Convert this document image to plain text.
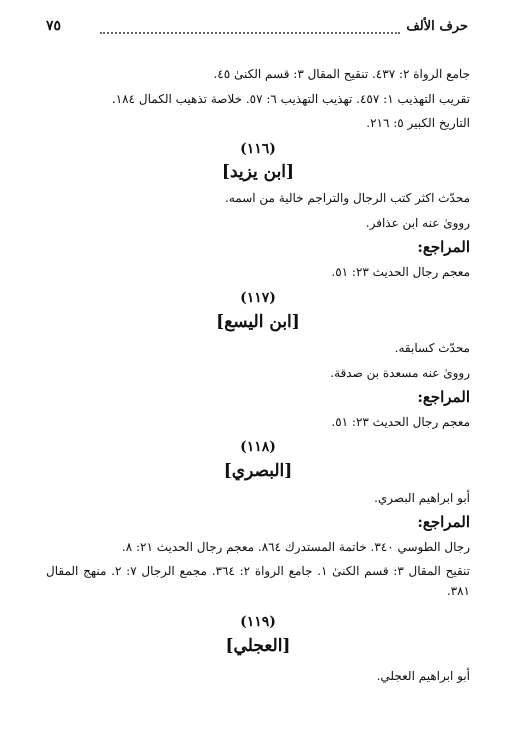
حرف الألف
٧٥
جامع الرواة ٢: ٤٣٧. تنقيح المقال ٣: قسم الكنىٰ ٤٥.
تقريب التهذيب ١: ٤٥٧. تهذيب التهذيب ٦: ٥٧. خلاصة تذهيب الكمال ١٨٤.
التاريخ الكبير ٥: ٢١٦.
(١١٦)
[ابن يزيد]
محدّث اكثر كتب الرجال والتراجم خالية من اسمه.
رووىٰ عنه ابن عذافر.
المراجع:
معجم رجال الحديث ٢٣: ٥١.
(١١٧)
[ابن اليسع]
محدّث كسابقه.
رووىٰ عنه مسعدة بن صدقة.
المراجع:
معجم رجال الحديث ٢٣: ٥١.
(١١٨)
[البصري]
أبو ابراهيم البصري.
المراجع:
رجال الطوسي ٣٤٠. خاتمة المستدرك ٨٦٤. معجم رجال الحديث ٢١: ٨.
تنقيح المقال ٣: قسم الكنىٰ ١. جامع الرواة ٢: ٣٦٤. مجمع الرجال ٧: ٢. منهج المقال ٣٨١.
(١١٩)
[العجلي]
أبو ابراهيم العجلي.
